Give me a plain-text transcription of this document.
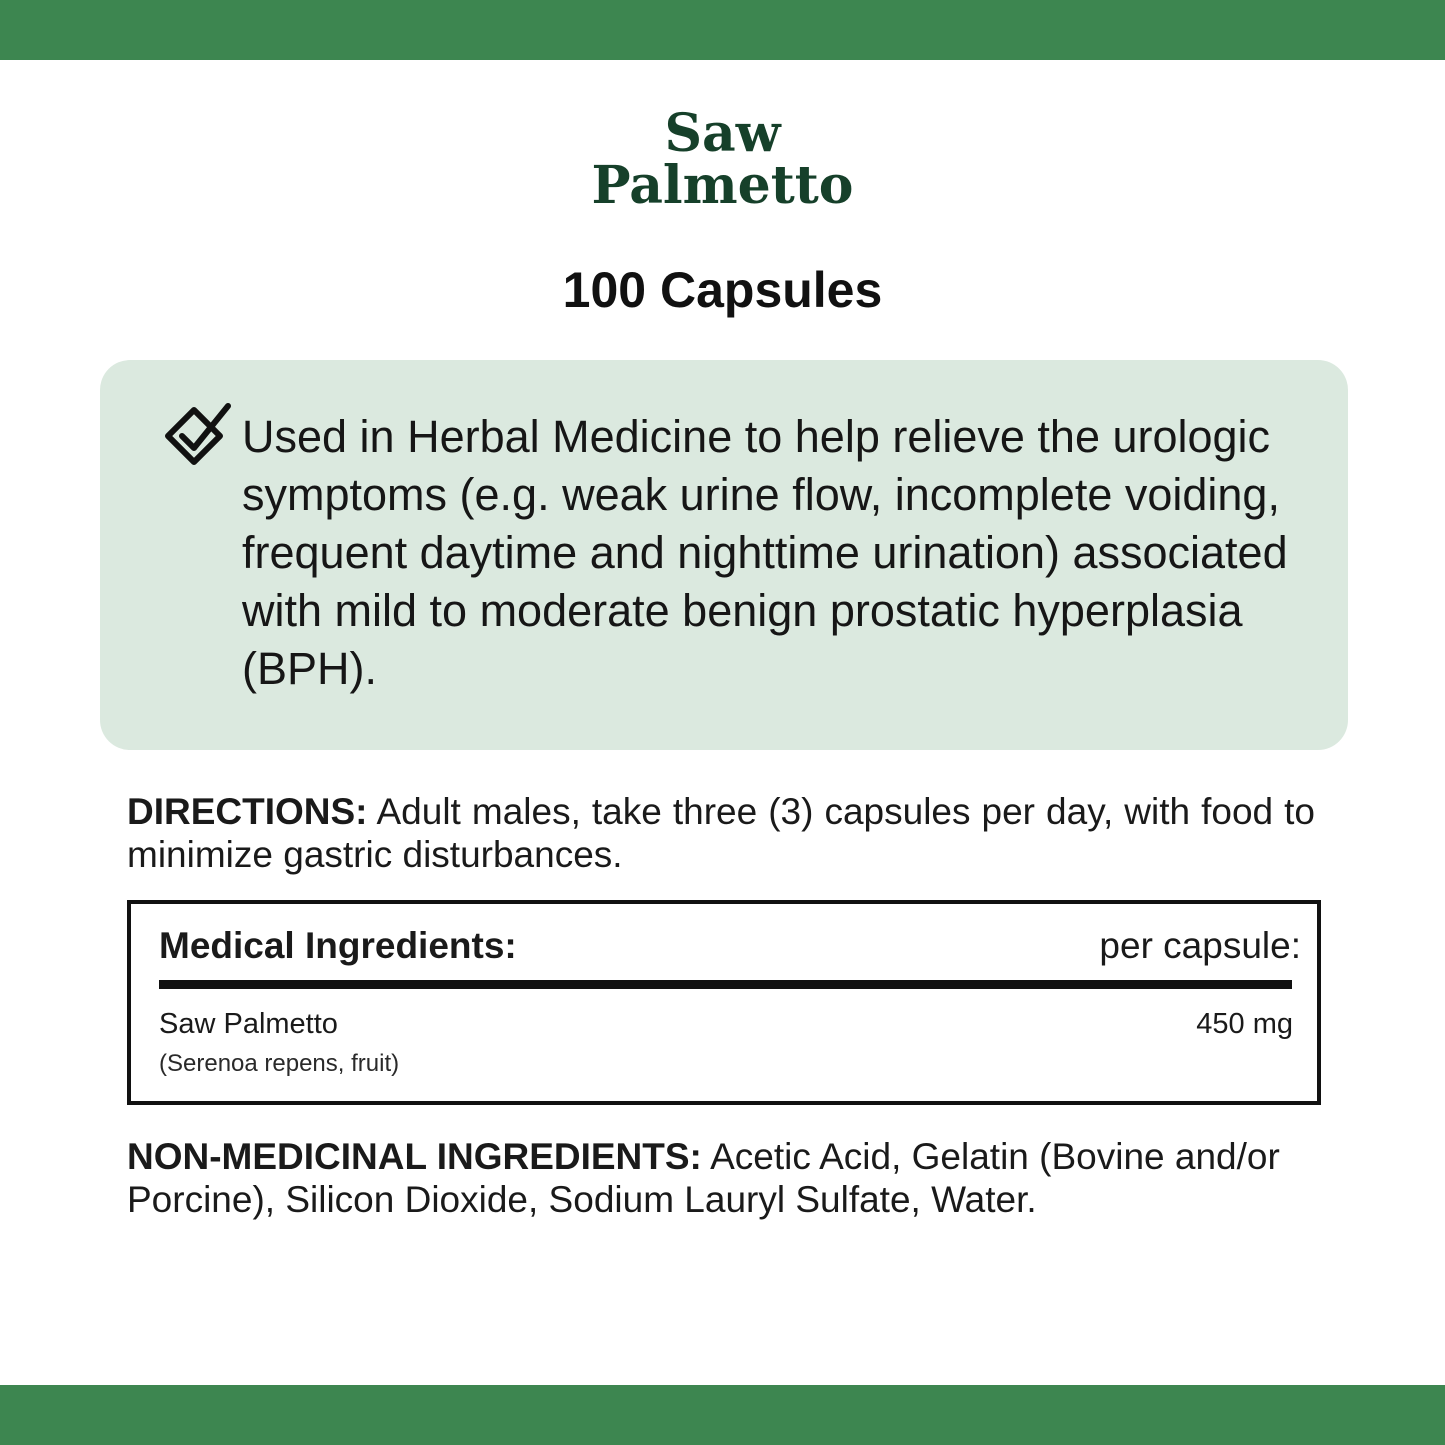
Saw
Palmetto
100 Capsules
Used in Herbal Medicine to help relieve the urologic symptoms (e.g. weak urine flow, incomplete voiding, frequent daytime and nighttime urination) associated with mild to moderate benign prostatic hyperplasia (BPH).
DIRECTIONS: Adult males, take three (3) capsules per day, with food to minimize gastric disturbances.
Medical Ingredients:	per capsule:
Saw Palmetto
(Serenoa repens, fruit)
450 mg
NON-MEDICINAL INGREDIENTS: Acetic Acid, Gelatin (Bovine and/or Porcine), Silicon Dioxide, Sodium Lauryl Sulfate, Water.
